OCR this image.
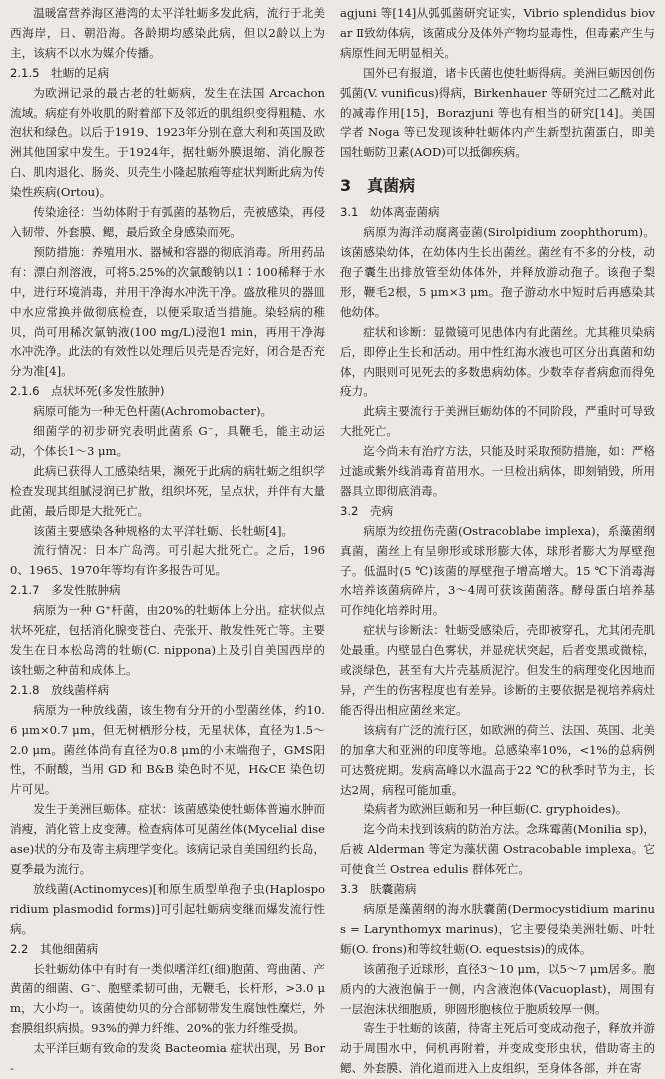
温暖富营养海区港湾的太平洋牡蛎多发此病，流行于北美西海岸，日、朝沿海。各龄期均感染此病，但以2龄以上为主，该病不以水为媒介传播。

2.1.5　牡蛎的足病

为欧洲记录的最古老的牡蛎病，发生在法国 Arcachon 流域。病症有外收肌的附着部下及邻近的肌组织变得粗糙、水泡状和绿色。以后于1919、1923年分别在意大利和英国及欧洲其他国家中发生。于1924年，据牡蛎外膜退缩、消化腺苍白、肌肉退化、肠炎、贝壳生小隆起脓疱等症状判断此病为传染性疾病(Ortou)。

传染途径：当幼体附于有弧菌的基物后，壳被感染，再侵入韧带、外套膜、鳃，最后致全身感染而死。

预防措施：养殖用水、器械和容器的彻底消毒。所用药品有：漂白剂溶液，可将5.25%的次氯酸钠以1∶100稀释于水中，进行环境消毒，并用干净海水冲洗干净。盛放稚贝的器皿中水应常换并做彻底检查，以便采取适当措施。染轻病的稚贝，尚可用稀次氯钠液(100 mg/L)浸泡1 min，再用干净海水冲洗净。此法的有效性以处理后贝壳是否完好，闭合是否充分为准[4]。

2.1.6　点状坏死(多发性脓肿)

病原可能为一种无色杆菌(Achromobacter)。

细菌学的初步研究表明此菌系 G⁻，具鞭毛，能主动运动，个体长1～3 μm。

此病已获得人工感染结果，濒死于此病的病牡蛎之组织学检查发现其组腻浸润已扩散，组织坏死，呈点状，并伴有大量此菌，最后即是大批死亡。

该菌主要感染各种规格的太平洋牡蛎、长牡蛎[4]。

流行情况：日本广岛湾。可引起大批死亡。之后，1960、1965、1970年等均有许多报告可见。

2.1.7　多发性脓肿病

病原为一种 G⁺杆菌，由20%的牡蛎体上分出。症状似点状坏死症，包括消化腺变苍白、壳张开、散发性死亡等。主要发生在日本松岛湾的牡蛎(C. nippona)上及引自美国西岸的该牡蛎之种苗和成体上。

2.1.8　放线菌样病

病原为一种放线菌，该生物有分开的小型菌丝体，约10.6 μm×0.7 μm，但无树栖形分枝，无星状体，直径为1.5～2.0 μm。菌丝体尚有直径为0.8 μm的小末端孢子，GMS阳性，不耐酸，当用 GD 和 B&B 染色时不见，H&CE 染色切片可见。

发生于美洲巨蛎体。症状：该菌感染使牡蛎体普遍水肿而消瘦，消化管上皮变薄。检查病体可见菌丝体(Mycelial disease)状的分布及寄主病理学变化。该病记录自美国纽约长岛，夏季最为流行。

放线菌(Actinomyces)[和原生质型单孢子虫(Haplosporidium plasmodid forms)]可引起牡蛎病变继而爆发流行性病。

2.2　其他细菌病

长牡蛎幼体中有时有一类似嗜洋红(细)胞菌、弯曲菌、产黄菌的细菌、G⁻、胞壁柔韧可曲，无鞭毛，长杆形，>3.0 μm，大小均一。该菌使幼贝的分合部韧带发生腐蚀性糜烂，外套膜组织病损。93%的弹力纤维、20%的张力纤维受损。

太平洋巨蛎有致命的发炎 Bacteomia 症状出现，另 Bor-

agjuni 等[14]从弧弧菌研究证实，Vibrio splendidus biovar Ⅱ致幼体病，该菌成分及体外产物均显毒性，但毒素产生与病原性间无明显相关。

国外已有报道，诸卡氏菌也使牡蛎得病。美洲巨蛎因创伤弧菌(V. vunificus)得病，Birkenhauer 等研究过二乙酰对此的减毒作用[15]，Borazjuni 等也有相当的研究[14]。美国学者 Noga 等已发现该种牡蛎体内产生新型抗菌蛋白，即美国牡蛎防卫素(AOD)可以抵御疾病。

3　真菌病

3.1　幼体离壶菌病

病原为海洋动腐离壶菌(Sirolpidium zoophthorum)。该菌感染幼体，在幼体内生长出菌丝。菌丝有不多的分枝，动孢子囊生出排放管至幼体体外，并释放游动孢子。该孢子梨形，鞭毛2根，5 μm×3 μm。孢子游动水中短时后再感染其他幼体。

症状和诊断：显微镜可见患体内有此菌丝。尤其稚贝染病后，即停止生长和活动。用中性红海水液也可区分出真菌和幼体，内眼则可见死去的多数患病幼体。少数幸存者病愈而得免疫力。

此病主要流行于美洲巨蛎幼体的不同阶段，严重时可导致大批死亡。

迄今尚未有治疗方法，只能及时采取预防措施，如：严格过滤或紫外线消毒育苗用水。一旦检出病体，即刻销毁，所用器具立即彻底消毒。

3.2　壳病

病原为绞扭伤壳菌(Ostracoblabe implexa)，系藻菌纲真菌，菌丝上有呈卵形或球形膨大体，球形者膨大为厚壁孢子。低温时(5 ℃)该菌的厚壁孢子增高增大。15 ℃下消毒海水培养该菌病碎片，3～4周可获该菌菌落。酵母蛋白培养基可作纯化培养时用。

症状与诊断法：牡蛎受感染后，壳即被穿孔，尤其闭壳肌处最重。内壁显白色雾状，并显疣状突起，后者变黑或微棕，或淡绿色，甚至有大片壳基质泥泞。但发生的病理变化因地而异，产生的伤害程度也有差异。诊断的主要依据是视培养病灶能否得出相应菌丝来定。

该病有广泛的流行区，如欧洲的荷兰、法国、英国、北美的加拿大和亚洲的印度等地。总感染率10%，<1%的总病例可达赘疣期。发病高峰以水温高于22 ℃的秋季时节为主，长达2周，病程可能加重。

染病者为欧洲巨蛎和另一种巨蛎(C. gryphoides)。

迄今尚未找到该病的防治方法。念珠霉菌(Monilia sp)，后被 Alderman 等定为藻状菌 Ostracobable implexa。它可使食兰 Ostrea edulis 群体死亡。

3.3　肤囊菌病

病原是藻菌纲的海水肤囊菌(Dermocystidium marinus = Larynthomyx marinus)，它主要侵染美洲牡蛎、叶牡蛎(O. frons)和等纹牡蛎(O. equestsis)的成体。

该菌孢子近球形，直径3～10 μm，以5～7 μm居多。胞质内的大液泡偏于一侧，内含液泡体(Vacuoplast)，周围有一层泡沫状细胞质，卵圆形胞核位于胞质较厚一侧。

寄生于牡蛎的该菌，待寄主死后可变成动孢子，释放并游动于周围水中，伺机再附着，并变成变形虫状，借助寄主的鳃、外套膜、消化道而进入上皮组织，至身体各部，并在寄
